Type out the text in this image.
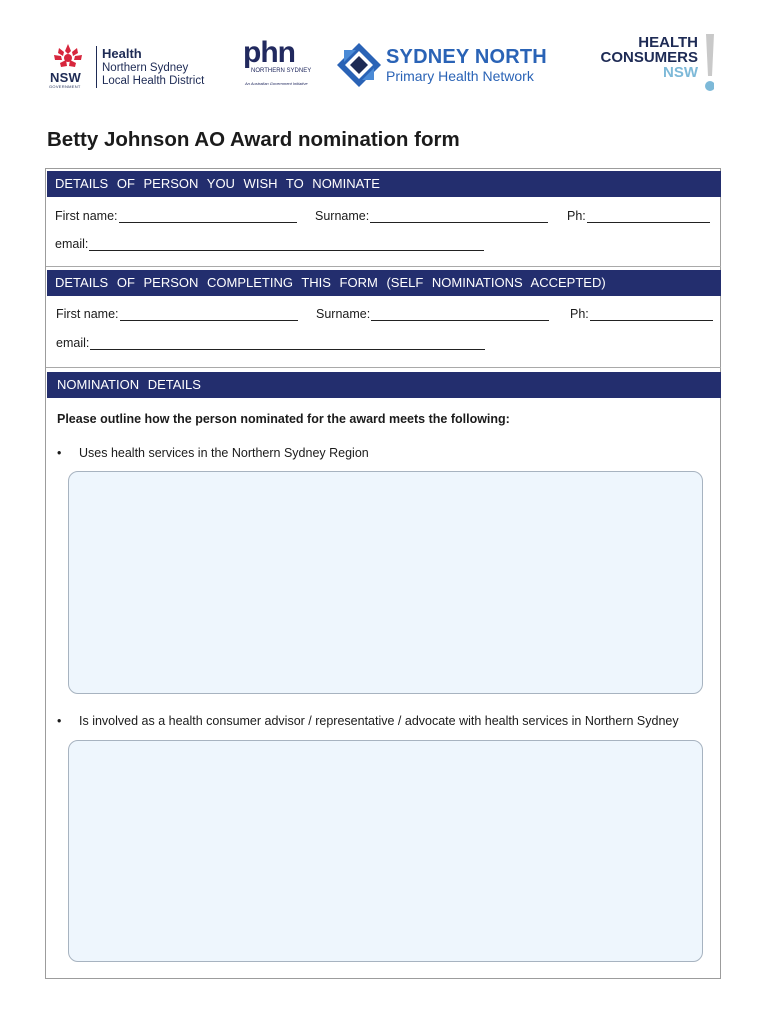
NSW
GOVERNMENT
Health
Northern Sydney
Local Health District
phn
NORTHERN SYDNEY
An Australian Government Initiative
SYDNEY NORTH
Primary Health Network
HEALTH
CONSUMERS
NSW
Betty Johnson AO Award nomination form
DETAILS OF PERSON YOU WISH TO NOMINATE
First name:	Surname:	Ph:
email:
DETAILS OF PERSON COMPLETING THIS FORM (SELF NOMINATIONS ACCEPTED)
First name:	Surname:	Ph:
email:
NOMINATION DETAILS
Please outline how the person nominated for the award meets the following:
• Uses health services in the Northern Sydney Region
• Is involved as a health consumer advisor / representative / advocate with health services in Northern Sydney
